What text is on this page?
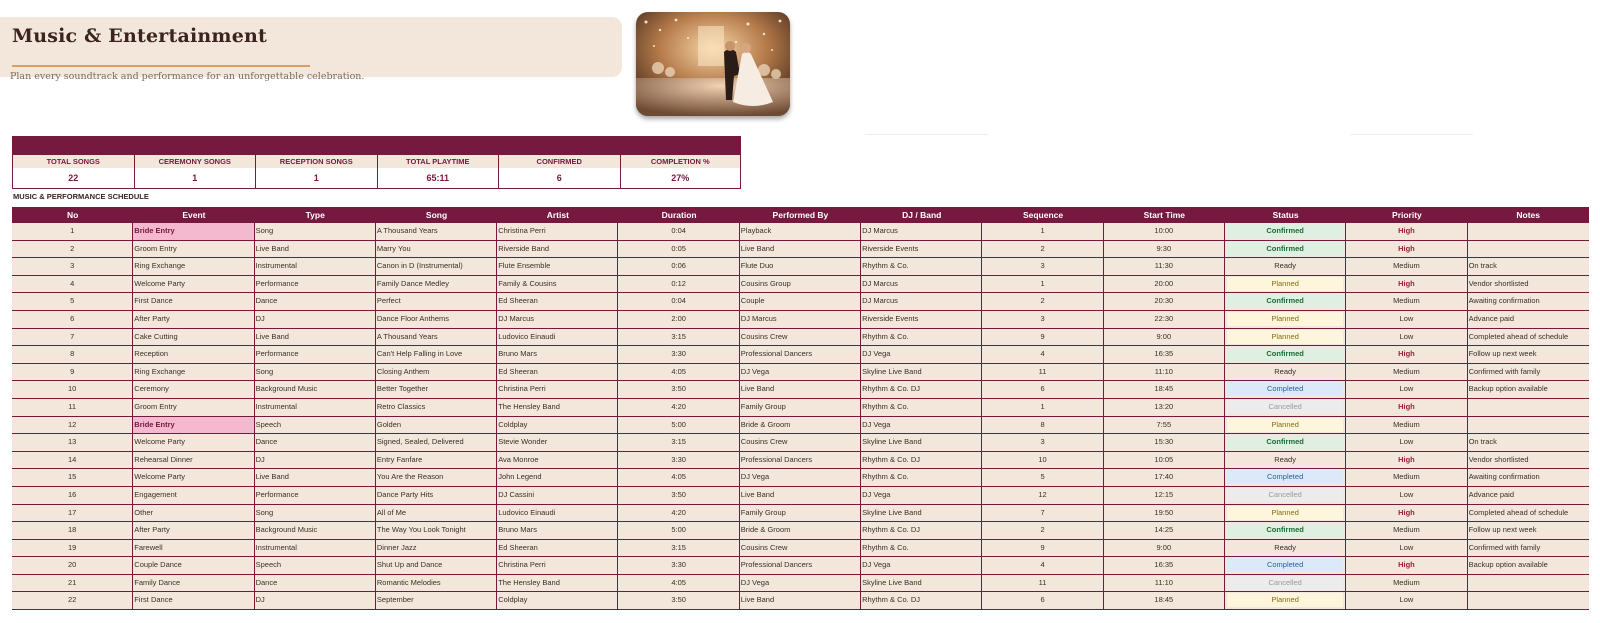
Music & Entertainment
Plan every soundtrack and performance for an unforgettable celebration.
TOTAL SONGS
22
CEREMONY SONGS
1
RECEPTION SONGS
1
TOTAL PLAYTIME
65:11
CONFIRMED
6
COMPLETION %
27%
MUSIC & PERFORMANCE SCHEDULE
No	Event	Type	Song	Artist	Duration	Performed By	DJ / Band	Sequence	Start Time	Status	Priority	Notes
1	Bride Entry	Song	A Thousand Years	Christina Perri	0:04	Playback	DJ Marcus	1	10:00	Confirmed	High
2	Groom Entry	Live Band	Marry You	Riverside Band	0:05	Live Band	Riverside Events	2	9:30	Confirmed	High
3	Ring Exchange	Instrumental	Canon in D (Instrumental)	Flute Ensemble	0:06	Flute Duo	Rhythm & Co.	3	11:30	Ready	Medium	On track
4	Welcome Party	Performance	Family Dance Medley	Family & Cousins	0:12	Cousins Group	DJ Marcus	1	20:00	Planned	High	Vendor shortlisted
5	First Dance	Dance	Perfect	Ed Sheeran	0:04	Couple	DJ Marcus	2	20:30	Confirmed	Medium	Awaiting confirmation
6	After Party	DJ	Dance Floor Anthems	DJ Marcus	2:00	DJ Marcus	Riverside Events	3	22:30	Planned	Low	Advance paid
7	Cake Cutting	Live Band	A Thousand Years	Ludovico Einaudi	3:15	Cousins Crew	Rhythm & Co.	9	9:00	Planned	Low	Completed ahead of schedule
8	Reception	Performance	Can't Help Falling in Love	Bruno Mars	3:30	Professional Dancers	DJ Vega	4	16:35	Confirmed	High	Follow up next week
9	Ring Exchange	Song	Closing Anthem	Ed Sheeran	4:05	DJ Vega	Skyline Live Band	11	11:10	Ready	Medium	Confirmed with family
10	Ceremony	Background Music	Better Together	Christina Perri	3:50	Live Band	Rhythm & Co. DJ	6	18:45	Completed	Low	Backup option available
11	Groom Entry	Instrumental	Retro Classics	The Hensley Band	4:20	Family Group	Rhythm & Co.	1	13:20	Cancelled	High
12	Bride Entry	Speech	Golden	Coldplay	5:00	Bride & Groom	DJ Vega	8	7:55	Planned	Medium
13	Welcome Party	Dance	Signed, Sealed, Delivered	Stevie Wonder	3:15	Cousins Crew	Skyline Live Band	3	15:30	Confirmed	Low	On track
14	Rehearsal Dinner	DJ	Entry Fanfare	Ava Monroe	3:30	Professional Dancers	Rhythm & Co. DJ	10	10:05	Ready	High	Vendor shortlisted
15	Welcome Party	Live Band	You Are the Reason	John Legend	4:05	DJ Vega	Rhythm & Co.	5	17:40	Completed	Medium	Awaiting confirmation
16	Engagement	Performance	Dance Party Hits	DJ Cassini	3:50	Live Band	DJ Vega	12	12:15	Cancelled	Low	Advance paid
17	Other	Song	All of Me	Ludovico Einaudi	4:20	Family Group	Skyline Live Band	7	19:50	Planned	High	Completed ahead of schedule
18	After Party	Background Music	The Way You Look Tonight	Bruno Mars	5:00	Bride & Groom	Rhythm & Co. DJ	2	14:25	Confirmed	Medium	Follow up next week
19	Farewell	Instrumental	Dinner Jazz	Ed Sheeran	3:15	Cousins Crew	Rhythm & Co.	9	9:00	Ready	Low	Confirmed with family
20	Couple Dance	Speech	Shut Up and Dance	Christina Perri	3:30	Professional Dancers	DJ Vega	4	16:35	Completed	High	Backup option available
21	Family Dance	Dance	Romantic Melodies	The Hensley Band	4:05	DJ Vega	Skyline Live Band	11	11:10	Cancelled	Medium
22	First Dance	DJ	September	Coldplay	3:50	Live Band	Rhythm & Co. DJ	6	18:45	Planned	Low
